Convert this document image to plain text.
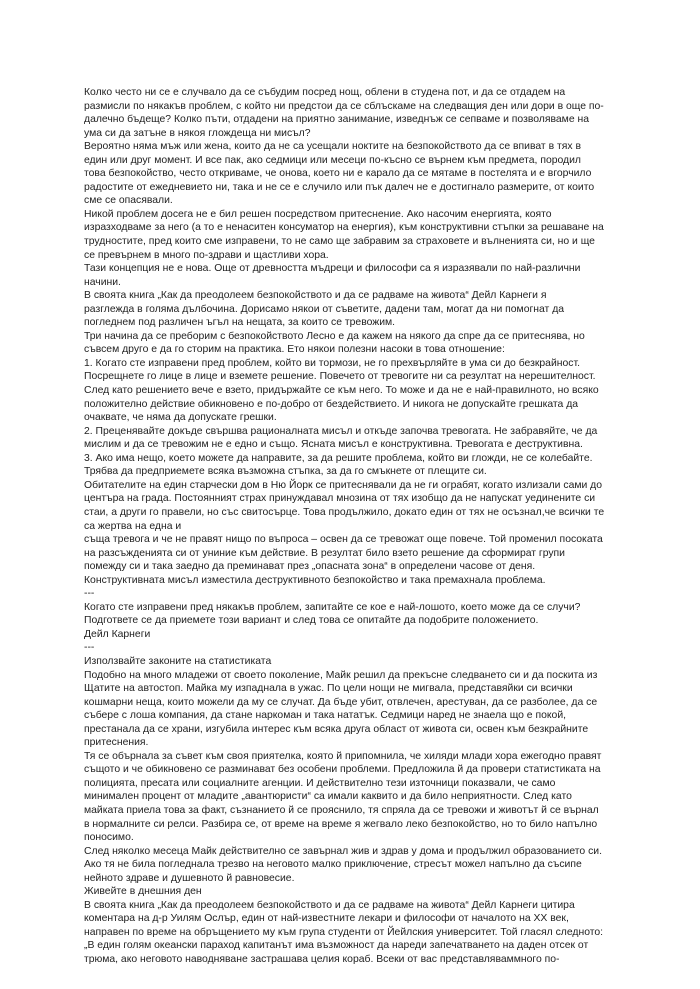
Колко често ни се е случвало да се събудим посред нощ, облени в студена пот, и да се отдадем на
размисли по някакъв проблем, с който ни предстои да се сблъскаме на следващия ден или дори в още по-
далечно бъдеще? Колко пъти, отдадени на приятно занимание, изведнъж се сепваме и позволяваме на
ума си да затъне в някоя глождеща ни мисъл?
Вероятно няма мъж или жена, които да не са усещали ноктите на безпокойството да се впиват в тях в
един или друг момент. И все пак, ако седмици или месеци по-късно се върнем към предмета, породил
това безпокойство, често откриваме, че онова, което ни е карало да се мятаме в постелята и е вгорчило
радостите от ежедневието ни, така и не се е случило или пък далеч не е достигнало размерите, от които
сме се опасявали.
Никой проблем досега не е бил решен посредством притеснение. Ако насочим енергията, която
изразходваме за него (а то е ненаситен консуматор на енергия), към конструктивни стъпки за решаване на
трудностите, пред които сме изправени, то не само ще забравим за страховете и вълненията си, но и ще
се превърнем в много по-здрави и щастливи хора.
Тази концепция не е нова. Още от древността мъдреци и философи са я изразявали по най-различни
начини.
В своята книга „Как да преодолеем безпокойството и да се радваме на живота“ Дейл Карнеги я
разглежда в голяма дълбочина. Дорисамо някои от съветите, дадени там, могат да ни помогнат да
погледнем под различен ъгъл на нещата, за които се тревожим.
Три начина да се преборим с безпокойството Лесно е да кажем на някого да спре да се притеснява, но
съвсем друго е да го сторим на практика. Ето някои полезни насоки в това отношение:
1. Когато сте изправени пред проблем, който ви тормози, не го прехвърляйте в ума си до безкрайност.
Посрещнете го лице в лице и вземете решение. Повечето от тревогите ни са резултат на нерешителност.
След като решението вече е взето, придържайте се към него. То може и да не е най-правилното, но всяко
положително действие обикновено е по-добро от бездействието. И никога не допускайте грешката да
очаквате, че няма да допускате грешки.
2. Преценявайте докъде свършва рационалната мисъл и откъде започва тревогата. Не забравяйте, че да
мислим и да се тревожим не е едно и също. Ясната мисъл е конструктивна. Тревогата е деструктивна.
3. Ако има нещо, което можете да направите, за да решите проблема, който ви гложди, не се колебайте.
Трябва да предприемете всяка възможна стъпка, за да го смъкнете от плещите си.
Обитателите на един старчески дом в Ню Йорк се притеснявали да не ги ограбят, когато излизали сами до
центъра на града. Постоянният страх принуждавал мнозина от тях изобщо да не напускат уединените си
стаи, а други го правели, но със свитосърце. Това продължило, докато един от тях не осъзнал,че всички те
са жертва на една и
съща тревога и че не правят нищо по въпроса – освен да се тревожат още повече. Той променил посоката
на разсъжденията си от униние към действие. В резултат било взето решение да сформират групи
помежду си и така заедно да преминават през „опасната зона“ в определени часове от деня.
Конструктивната мисъл изместила деструктивното безпокойство и така премахнала проблема.
---
Когато сте изправени пред някакъв проблем, запитайте се кое е най-лошото, което може да се случи?
Подгответе се да приемете този вариант и след това се опитайте да подобрите положението.
Дейл Карнеги
---
Използвайте законите на статистиката
Подобно на много младежи от своето поколение, Майк решил да прекъсне следването си и да поскита из
Щатите на автостоп. Майка му изпаднала в ужас. По цели нощи не мигвала, представяйки си всички
кошмарни неща, които можели да му се случат. Да бъде убит, отвлечен, арестуван, да се разболее, да се
събере с лоша компания, да стане наркоман и така нататък. Седмици наред не знаела що е покой,
престанала да се храни, изгубила интерес към всяка друга област от живота си, освен към безкрайните
притеснения.
Тя се обърнала за съвет към своя приятелка, която й припомнила, че хиляди млади хора ежегодно правят
същото и че обикновено се разминават без особени проблеми. Предложила й да провери статистиката на
полицията, пресата или социалните агенции. И действително тези източници показвали, че само
минимален процент от младите „авантюристи“ са имали каквито и да било неприятности. След като
майката приела това за факт, съзнанието й се прояснило, тя спряла да се тревожи и животът й се върнал
в нормалните си релси. Разбира се, от време на време я жегвало леко безпокойство, но то било напълно
поносимо.
След няколко месеца Майк действително се завърнал жив и здрав у дома и продължил образованието си.
Ако тя не била погледнала трезво на неговото малко приключение, стресът можел напълно да съсипе
нейното здраве и душевното й равновесие.
Живейте в днешния ден
В своята книга „Как да преодолеем безпокойството и да се радваме на живота“ Дейл Карнеги цитира
коментара на д-р Уилям Ослър, един от най-известните лекари и философи от началото на XX век,
направен по време на обръщението му към група студенти от Йейлския университет. Той гласял следното:
„В един голям океански параход капитанът има възможност да нареди запечатването на даден отсек от
трюма, ако неговото наводняване застрашава целия кораб. Всеки от вас представляваммного по-
